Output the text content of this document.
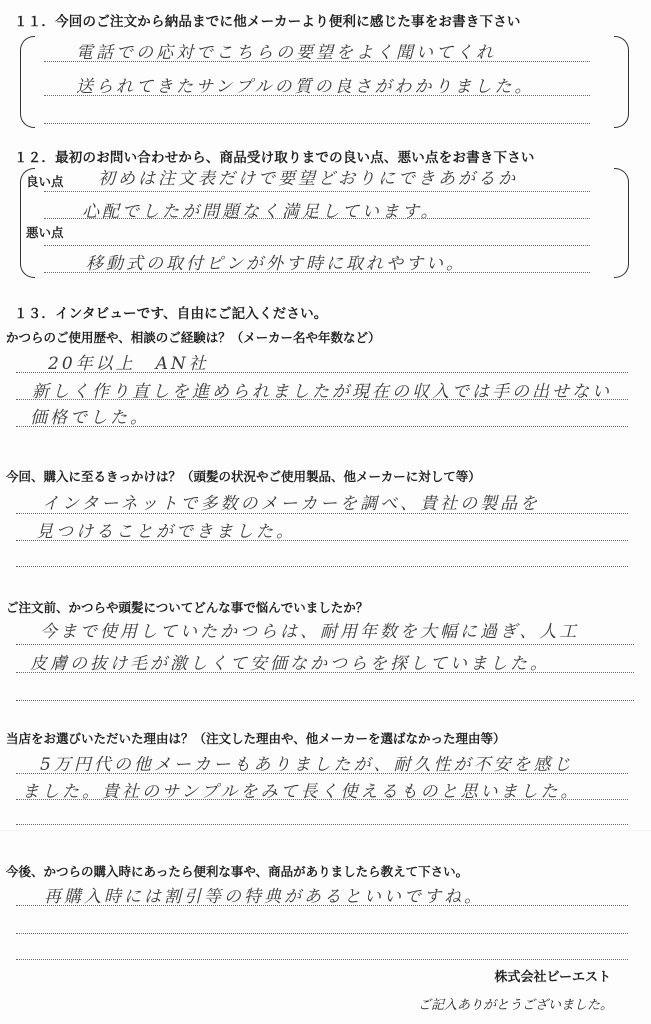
１１．今回のご注文から納品までに他メーカーより便利に感じた事をお書き下さい
電話での応対でこちらの要望をよく聞いてくれ
送られてきたサンプルの質の良さがわかりました。
１２．最初のお問い合わせから、商品受け取りまでの良い点、悪い点をお書き下さい
良い点 初めは注文表だけで要望どおりにできあがるか
心配でしたが問題なく満足しています。
悪い点
移動式の取付ピンが外す時に取れやすい。
１３．インタビューです、自由にご記入ください。
かつらのご使用歴や、相談のご経験は？（メーカー名や年数など）
20年以上　AN社
新しく作り直しを進められましたが現在の収入では手の出せない
価格でした。
今回、購入に至るきっかけは？（頭髪の状況やご使用製品、他メーカーに対して等）
インターネットで多数のメーカーを調べ、貴社の製品を
見つけることができました。
ご注文前、かつらや頭髪についてどんな事で悩んでいましたか？
今まで使用していたかつらは、耐用年数を大幅に過ぎ、人工
皮膚の抜け毛が激しくて安価なかつらを探していました。
当店をお選びいただいた理由は？（注文した理由や、他メーカーを選ばなかった理由等）
5万円代の他メーカーもありましたが、耐久性が不安を感じ
ました。貴社のサンプルをみて長く使えるものと思いました。
今後、かつらの購入時にあったら便利な事や、商品がありましたら教えて下さい。
再購入時には割引等の特典があるといいですね。
株式会社ビーエスト
ご記入ありがとうございました。
